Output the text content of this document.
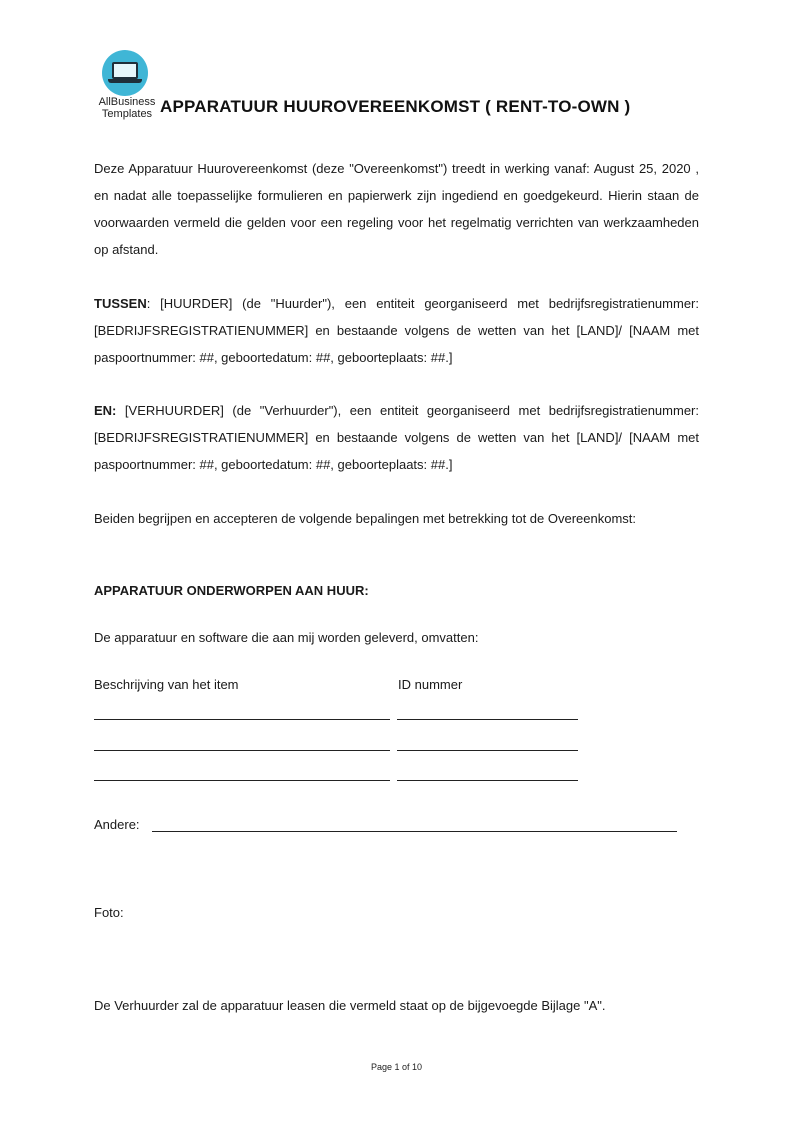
AllBusiness
Templates APPARATUUR HUUROVEREENKOMST ( RENT-TO-OWN )
Deze Apparatuur Huurovereenkomst (deze "Overeenkomst") treedt in werking vanaf: August 25, 2020 , en nadat alle toepasselijke formulieren en papierwerk zijn ingediend en goedgekeurd. Hierin staan de voorwaarden vermeld die gelden voor een regeling voor het regelmatig verrichten van werkzaamheden op afstand.
TUSSEN: [HUURDER] (de "Huurder"), een entiteit georganiseerd met bedrijfsregistratienummer: [BEDRIJFSREGISTRATIENUMMER] en bestaande volgens de wetten van het [LAND]/ [NAAM met paspoortnummer: ##, geboortedatum: ##, geboorteplaats: ##.]
EN: [VERHUURDER] (de "Verhuurder"), een entiteit georganiseerd met bedrijfsregistratienummer: [BEDRIJFSREGISTRATIENUMMER] en bestaande volgens de wetten van het [LAND]/ [NAAM met paspoortnummer: ##, geboortedatum: ##, geboorteplaats: ##.]
Beiden begrijpen en accepteren de volgende bepalingen met betrekking tot de Overeenkomst:
APPARATUUR ONDERWORPEN AAN HUUR:
De apparatuur en software die aan mij worden geleverd, omvatten:
Beschrijving van het item	ID nummer
Andere:
Foto:
De Verhuurder zal de apparatuur leasen die vermeld staat op de bijgevoegde Bijlage "A".
Page 1 of 10
